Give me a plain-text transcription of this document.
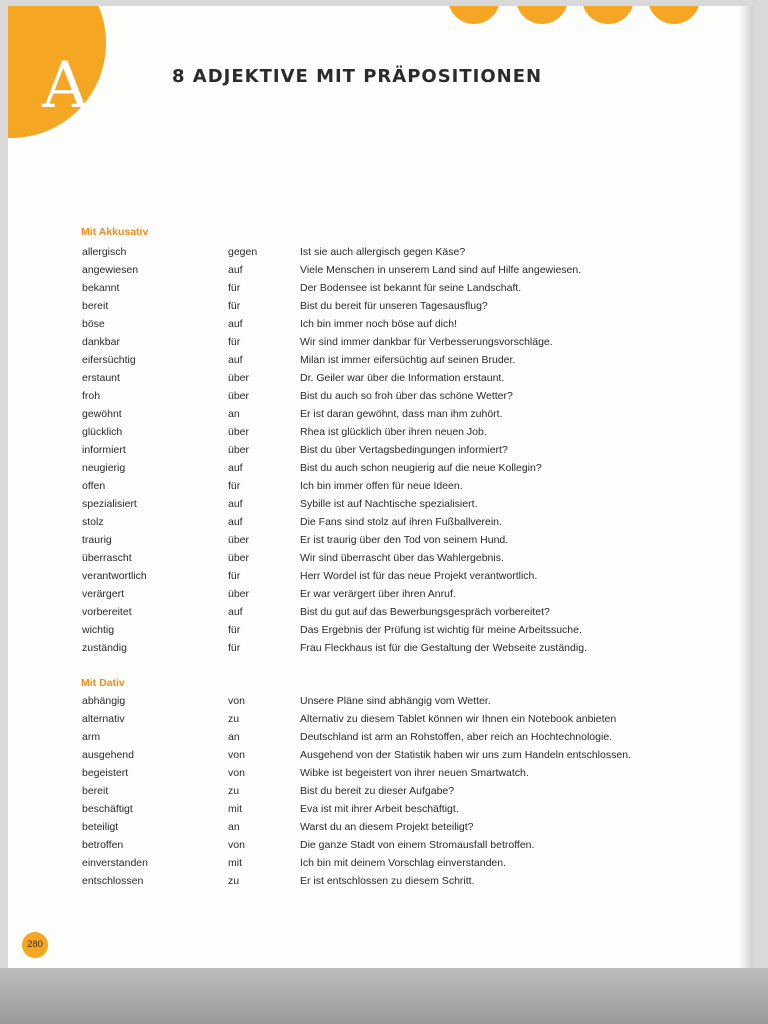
A	8 ADJEKTIVE MIT PRÄPOSITIONEN
Mit Akkusativ
allergisch	gegen	Ist sie auch allergisch gegen Käse?
angewiesen	auf	Viele Menschen in unserem Land sind auf Hilfe angewiesen.
bekannt	für	Der Bodensee ist bekannt für seine Landschaft.
bereit	für	Bist du bereit für unseren Tagesausflug?
böse	auf	Ich bin immer noch böse auf dich!
dankbar	für	Wir sind immer dankbar für Verbesserungsvorschläge.
eifersüchtig	auf	Milan ist immer eifersüchtig auf seinen Bruder.
erstaunt	über	Dr. Geiler war über die Information erstaunt.
froh	über	Bist du auch so froh über das schöne Wetter?
gewöhnt	an	Er ist daran gewöhnt, dass man ihm zuhört.
glücklich	über	Rhea ist glücklich über ihren neuen Job.
informiert	über	Bist du über Vertagsbedingungen informiert?
neugierig	auf	Bist du auch schon neugierig auf die neue Kollegin?
offen	für	Ich bin immer offen für neue Ideen.
spezialisiert	auf	Sybille ist auf Nachtische spezialisiert.
stolz	auf	Die Fans sind stolz auf ihren Fußballverein.
traurig	über	Er ist traurig über den Tod von seinem Hund.
überrascht	über	Wir sind überrascht über das Wahlergebnis.
verantwortlich	für	Herr Wordel ist für das neue Projekt verantwortlich.
verärgert	über	Er war verärgert über ihren Anruf.
vorbereitet	auf	Bist du gut auf das Bewerbungsgespräch vorbereitet?
wichtig	für	Das Ergebnis der Prüfung ist wichtig für meine Arbeitssuche.
zuständig	für	Frau Fleckhaus ist für die Gestaltung der Webseite zuständig.
Mit Dativ
abhängig	von	Unsere Pläne sind abhängig vom Wetter.
alternativ	zu	Alternativ zu diesem Tablet können wir Ihnen ein Notebook anbieten
arm	an	Deutschland ist arm an Rohstoffen, aber reich an Hochtechnologie.
ausgehend	von	Ausgehend von der Statistik haben wir uns zum Handeln entschlossen.
begeistert	von	Wibke ist begeistert von ihrer neuen Smartwatch.
bereit	zu	Bist du bereit zu dieser Aufgabe?
beschäftigt	mit	Eva ist mit ihrer Arbeit beschäftigt.
beteiligt	an	Warst du an diesem Projekt beteiligt?
betroffen	von	Die ganze Stadt von einem Stromausfall betroffen.
einverstanden	mit	Ich bin mit deinem Vorschlag einverstanden.
entschlossen	zu	Er ist entschlossen zu diesem Schritt.
280
